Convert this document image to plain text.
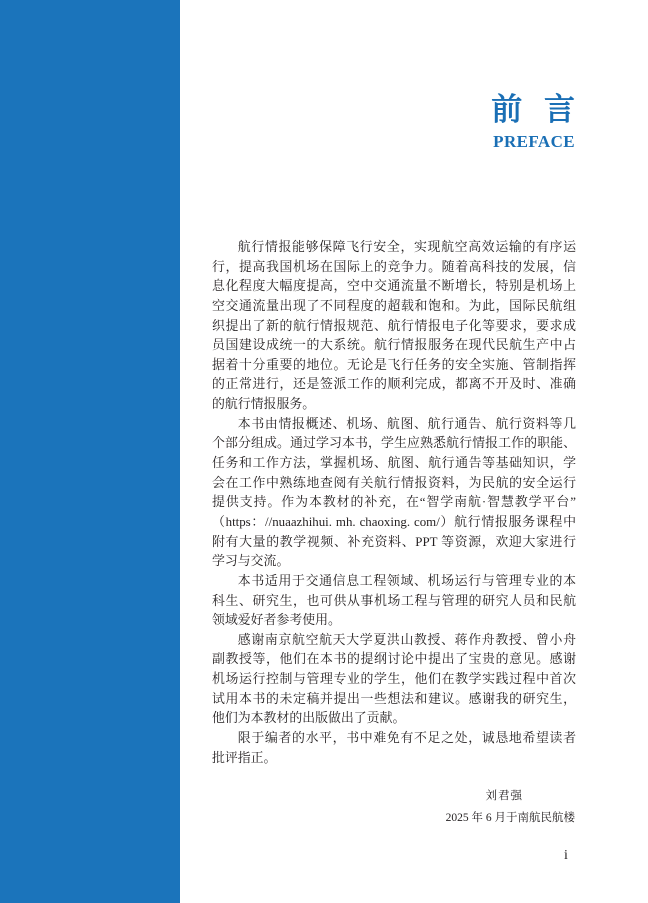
前 言
PREFACE
航行情报能够保障飞行安全，实现航空高效运输的有序运
行，提高我国机场在国际上的竞争力。随着高科技的发展，信
息化程度大幅度提高，空中交通流量不断增长，特别是机场上
空交通流量出现了不同程度的超载和饱和。为此，国际民航组
织提出了新的航行情报规范、航行情报电子化等要求，要求成
员国建设成统一的大系统。航行情报服务在现代民航生产中占
据着十分重要的地位。无论是飞行任务的安全实施、管制指挥
的正常进行，还是签派工作的顺利完成，都离不开及时、准确
的航行情报服务。
本书由情报概述、机场、航图、航行通告、航行资料等几
个部分组成。通过学习本书，学生应熟悉航行情报工作的职能、
任务和工作方法，掌握机场、航图、航行通告等基础知识，学
会在工作中熟练地查阅有关航行情报资料，为民航的安全运行
提供支持。作为本教材的补充，在“智学南航·智慧教学平台”
（https：//nuaazhihui. mh. chaoxing. com/）航行情报服务课程中
附有大量的教学视频、补充资料、PPT 等资源，欢迎大家进行
学习与交流。
本书适用于交通信息工程领域、机场运行与管理专业的本
科生、研究生，也可供从事机场工程与管理的研究人员和民航
领域爱好者参考使用。
感谢南京航空航天大学夏洪山教授、蒋作舟教授、曾小舟
副教授等，他们在本书的提纲讨论中提出了宝贵的意见。感谢
机场运行控制与管理专业的学生，他们在教学实践过程中首次
试用本书的未定稿并提出一些想法和建议。感谢我的研究生，
他们为本教材的出版做出了贡献。
限于编者的水平，书中难免有不足之处，诚恳地希望读者
批评指正。
刘君强
2025 年 6 月于南航民航楼
i
